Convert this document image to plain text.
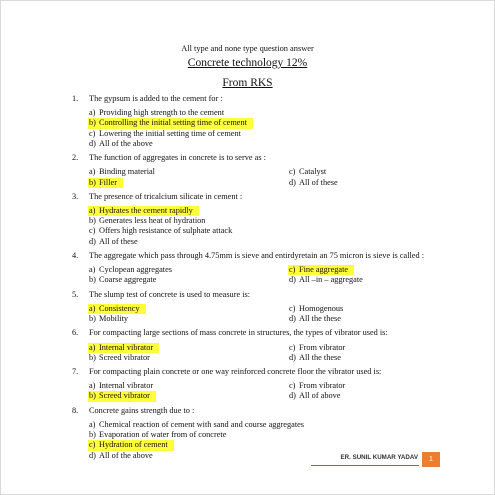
All type and none type question answer
Concrete technology 12%
From RKS
1.	The gypsum is added to the cement for :
a) Providing high strength to the cement
b) Controlling the initial setting time of cement
c) Lowering the initial setting time of cement
d) All of the above
2.	The function of aggregates in concrete is to serve as :
a) Binding material	c) Catalyst
b) Filler	d) All of these
3.	The presence of tricalcium silicate in cement :
a) Hydrates the cement rapidly
b) Generates less heat of hydration
c) Offers high resistance of sulphate attack
d) All of these
4.	The aggregate which pass through 4.75mm is sieve and entirdyretain an 75 micron is sieve is called :
a) Cyclopean aggregates	c) Fine aggregate
b) Coarse aggregate	d) All –in – aggregate
5.	The slump test of concrete is used to measure is:
a) Consistency	c) Homogenous
b) Mobility	d) All the these
6.	For compacting large sections of mass concrete in structures, the types of vibrator used is:
a) Internal vibrator	c) From vibrator
b) Screed vibrator	d) All the these
7.	For compacting plain concrete or one way reinforced concrete floor the vibrator used is:
a) Internal vibrator	c) From vibrator
b) Screed vibrator	d) All of above
8.	Concrete gains strength due to :
a) Chemical reaction of cement with sand and course aggregates
b) Evaporation of water from of concrete
c) Hydration of cement
d) All of the above	ER. SUNIL KUMAR YADAV	1
